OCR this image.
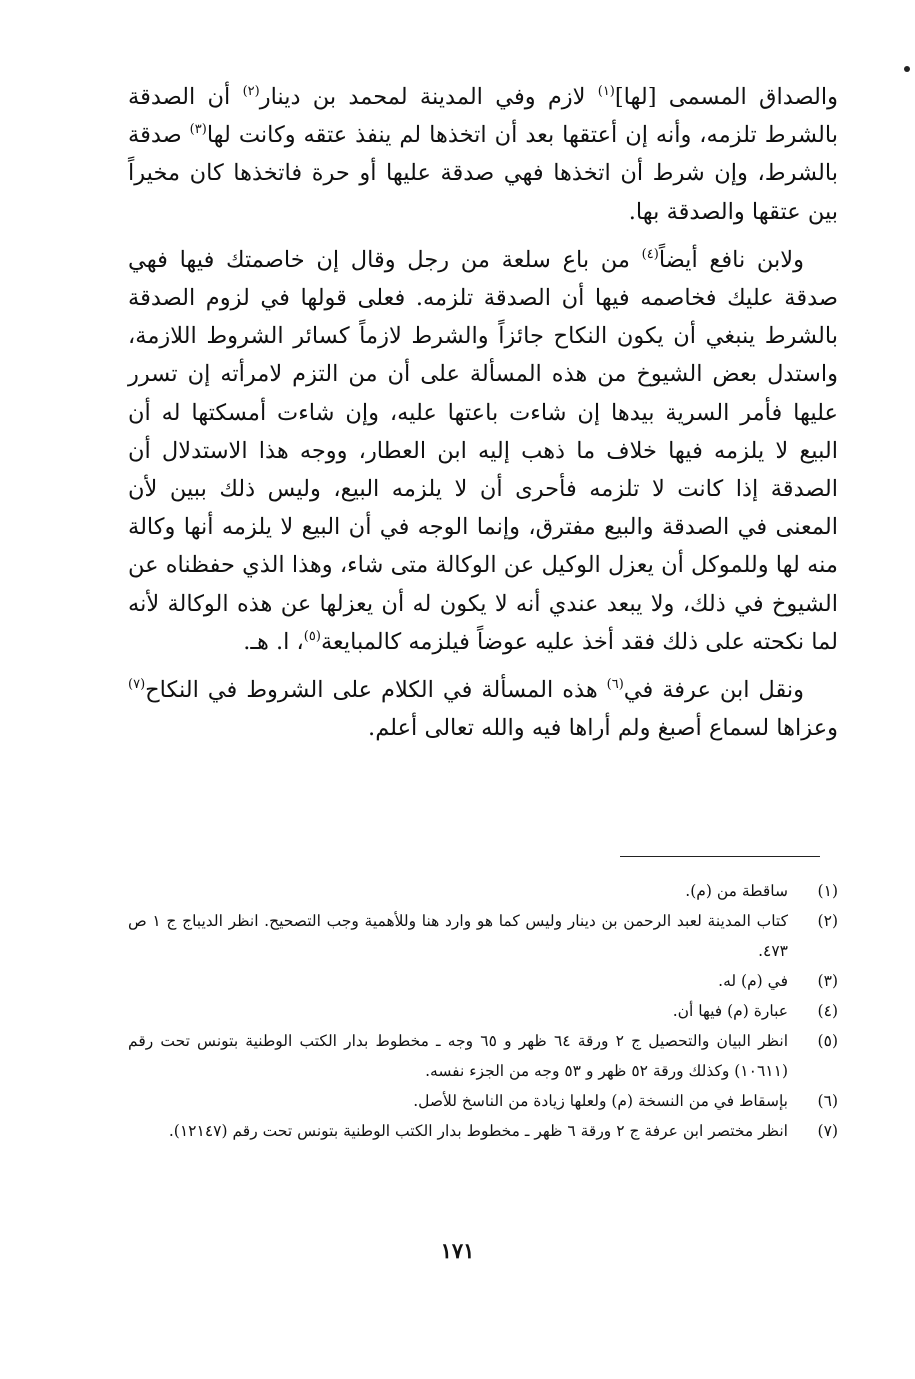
والصداق المسمى [لها]$^{(١)}$ لازم وفي المدينة لمحمد بن دينار$^{(٢)}$ أن الصدقة بالشرط تلزمه، وأنه إن أعتقها بعد أن اتخذها لم ينفذ عتقه وكانت لها$^{(٣)}$ صدقة بالشرط، وإن شرط أن اتخذها فهي صدقة عليها أو حرة فاتخذها كان مخيراً بين عتقها والصدقة بها.

ولابن نافع أيضاً$^{(٤)}$ من باع سلعة من رجل وقال إن خاصمتك فيها فهي صدقة عليك فخاصمه فيها أن الصدقة تلزمه. فعلى قولها في لزوم الصدقة بالشرط ينبغي أن يكون النكاح جائزاً والشرط لازماً كسائر الشروط اللازمة، واستدل بعض الشيوخ من هذه المسألة على أن من التزم لامرأته إن تسرر عليها فأمر السرية بيدها إن شاءت باعتها عليه، وإن شاءت أمسكتها له أن البيع لا يلزمه فيها خلاف ما ذهب إليه ابن العطار، ووجه هذا الاستدلال أن الصدقة إذا كانت لا تلزمه فأحرى أن لا يلزمه البيع، وليس ذلك ببين لأن المعنى في الصدقة والبيع مفترق، وإنما الوجه في أن البيع لا يلزمه أنها وكالة منه لها وللموكل أن يعزل الوكيل عن الوكالة متى شاء، وهذا الذي حفظناه عن الشيوخ في ذلك، ولا يبعد عندي أنه لا يكون له أن يعزلها عن هذه الوكالة لأنه لما نكحته على ذلك فقد أخذ عليه عوضاً فيلزمه كالمبايعة$^{(٥)}$، ا. هـ.

ونقل ابن عرفة في$^{(٦)}$ هذه المسألة في الكلام على الشروط في النكاح$^{(٧)}$ وعزاها لسماع أصبغ ولم أراها فيه والله تعالى أعلم.

(١)
ساقطة من (م).
(٢)
كتاب المدينة لعبد الرحمن بن دينار وليس كما هو وارد هنا وللأهمية وجب التصحيح. انظر الديباج ج ١ ص ٤٧٣.
(٣)
في (م) له.
(٤)
عبارة (م) فيها أن.
(٥)
انظر البيان والتحصيل ج ٢ ورقة ٦٤ ظهر و ٦٥ وجه ـ مخطوط بدار الكتب الوطنية بتونس تحت رقم (١٠٦١١) وكذلك ورقة ٥٢ ظهر و ٥٣ وجه من الجزء نفسه.
(٦)
بإسقاط في من النسخة (م) ولعلها زيادة من الناسخ للأصل.
(٧)
انظر مختصر ابن عرفة ج ٢ ورقة ٦ ظهر ـ مخطوط بدار الكتب الوطنية بتونس تحت رقم (١٢١٤٧).
١٧١
